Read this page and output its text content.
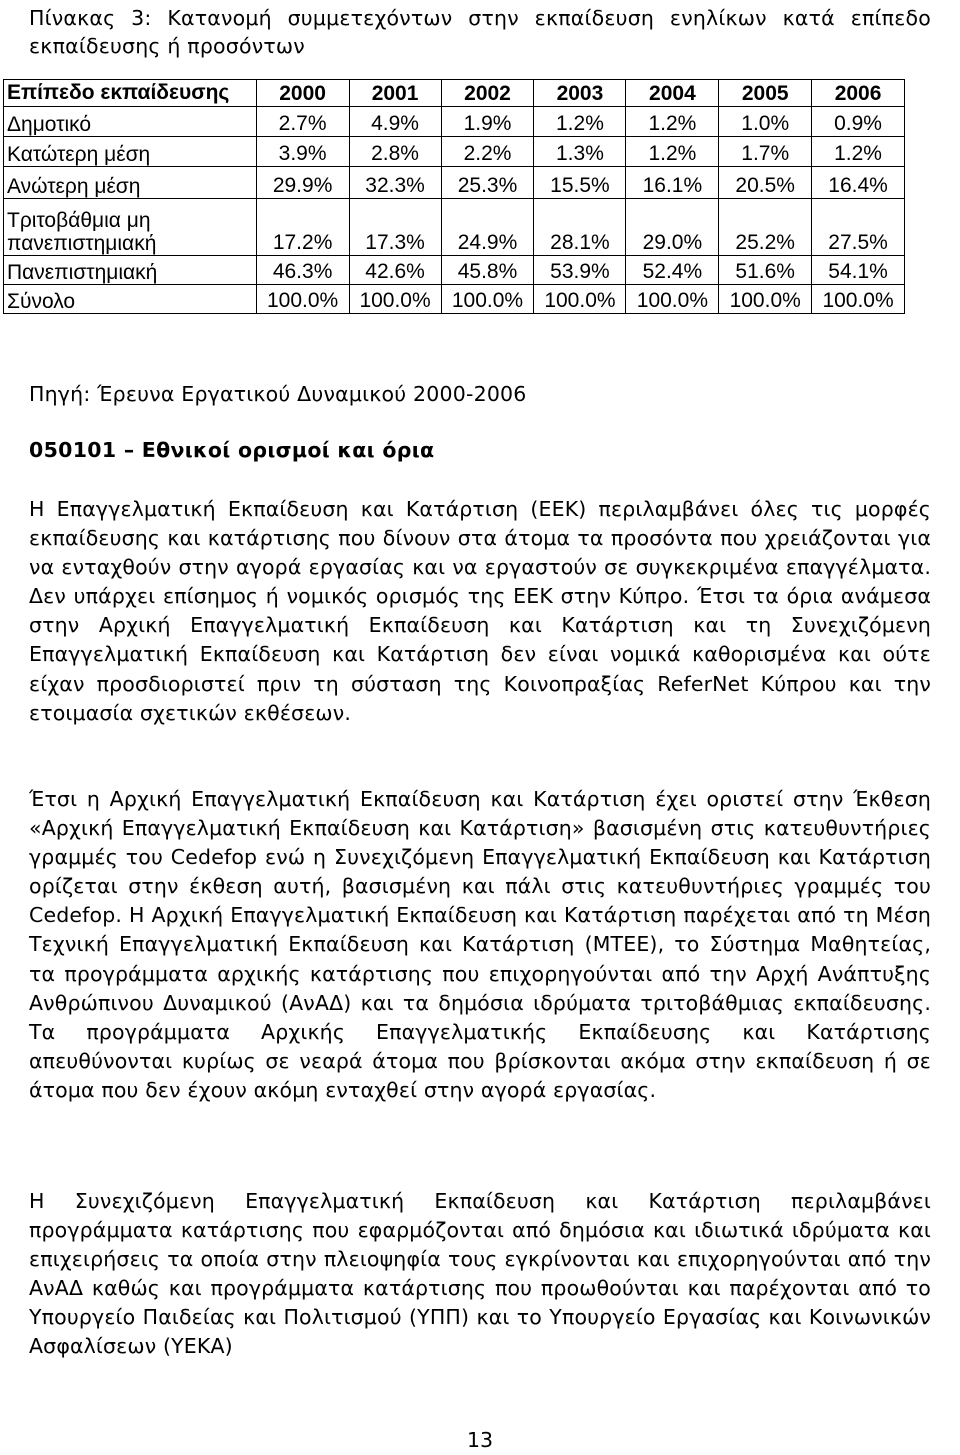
Πίνακας 3: Κατανομή συμμετεχόντων στην εκπαίδευση ενηλίκων κατά επίπεδο εκπαίδευσης ή προσόντων
Επίπεδο εκπαίδευσης	2000	2001	2002	2003	2004	2005	2006
Δημοτικό	2.7%	4.9%	1.9%	1.2%	1.2%	1.0%	0.9%
Κατώτερη μέση	3.9%	2.8%	2.2%	1.3%	1.2%	1.7%	1.2%
Ανώτερη μέση	29.9%	32.3%	25.3%	15.5%	16.1%	20.5%	16.4%
Τριτοβάθμια μη πανεπιστημιακή	17.2%	17.3%	24.9%	28.1%	29.0%	25.2%	27.5%
Πανεπιστημιακή	46.3%	42.6%	45.8%	53.9%	52.4%	51.6%	54.1%
Σύνολο	100.0%	100.0%	100.0%	100.0%	100.0%	100.0%	100.0%
Πηγή: Έρευνα Εργατικού Δυναμικού 2000-2006
050101 – Εθνικοί ορισμοί και όρια

Η Επαγγελματική Εκπαίδευση και Κατάρτιση (ΕΕΚ) περιλαμβάνει όλες τις μορφές εκπαίδευσης και κατάρτισης που δίνουν στα άτομα τα προσόντα που χρειάζονται για να ενταχθούν στην αγορά εργασίας και να εργαστούν σε συγκεκριμένα επαγγέλματα. Δεν υπάρχει επίσημος ή νομικός ορισμός της ΕΕΚ στην Κύπρο. Έτσι τα όρια ανάμεσα στην Αρχική Επαγγελματική Εκπαίδευση και Κατάρτιση και τη Συνεχιζόμενη Επαγγελματική Εκπαίδευση και Κατάρτιση δεν είναι νομικά καθορισμένα και ούτε είχαν προσδιοριστεί πριν τη σύσταση της Κοινοπραξίας ReferNet Κύπρου και την ετοιμασία σχετικών εκθέσεων.

Έτσι η Αρχική Επαγγελματική Εκπαίδευση και Κατάρτιση έχει οριστεί στην Έκθεση «Αρχική Επαγγελματική Εκπαίδευση και Κατάρτιση» βασισμένη στις κατευθυντήριες γραμμές του Cedefop ενώ η Συνεχιζόμενη Επαγγελματική Εκπαίδευση και Κατάρτιση ορίζεται στην έκθεση αυτή, βασισμένη και πάλι στις κατευθυντήριες γραμμές του Cedefop. Η Αρχική Επαγγελματική Εκπαίδευση και Κατάρτιση παρέχεται από τη Μέση Τεχνική Επαγγελματική Εκπαίδευση και Κατάρτιση (ΜΤΕΕ), το Σύστημα Μαθητείας, τα προγράμματα αρχικής κατάρτισης που επιχορηγούνται από την Αρχή Ανάπτυξης Ανθρώπινου Δυναμικού (ΑνΑΔ) και τα δημόσια ιδρύματα τριτοβάθμιας εκπαίδευσης. Τα προγράμματα Αρχικής Επαγγελματικής Εκπαίδευσης και Κατάρτισης απευθύνονται κυρίως σε νεαρά άτομα που βρίσκονται ακόμα στην εκπαίδευση ή σε άτομα που δεν έχουν ακόμη ενταχθεί στην αγορά εργασίας.

Η Συνεχιζόμενη Επαγγελματική Εκπαίδευση και Κατάρτιση περιλαμβάνει προγράμματα κατάρτισης που εφαρμόζονται από δημόσια και ιδιωτικά ιδρύματα και επιχειρήσεις τα οποία στην πλειοψηφία τους εγκρίνονται και επιχορηγούνται από την ΑνΑΔ καθώς και προγράμματα κατάρτισης που προωθούνται και παρέχονται από το Υπουργείο Παιδείας και Πολιτισμού (ΥΠΠ) και το Υπουργείο Εργασίας και Κοινωνικών Ασφαλίσεων (ΥΕΚΑ)

13
